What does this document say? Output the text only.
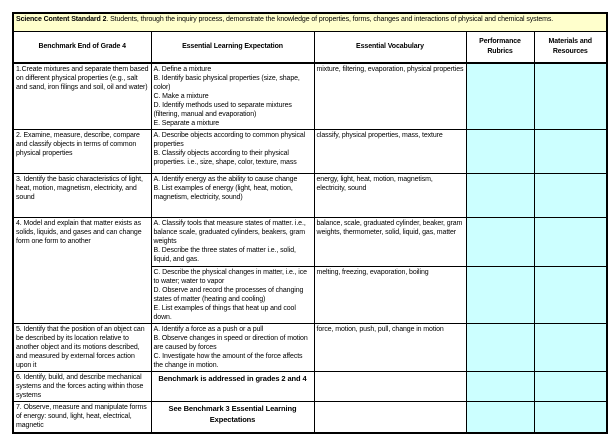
Science Content Standard 2. Students, through the inquiry process, demonstrate the knowledge of properties, forms, changes and interactions of physical and chemical systems.				
Benchmark End of Grade 4	Essential Learning Expectation	Essential Vocabulary	Performance Rubrics	Materials and Resources
1.Create mixtures and separate them based on different physical properties (e.g., salt and sand, iron filings and soil, oil and water)	A. Define a mixture
B. Identify basic physical properties (size, shape, color)
C. Make a mixture
D. Identify methods used to separate mixtures (filtering, manual and evaporation)
E. Separate a mixture	mixture, filtering, evaporation, physical properties		
2. Examine, measure, describe, compare and classify objects in terms of common physical properties	A. Describe objects according to common physical properties
B. Classify objects according to their physical properties. i.e., size, shape, color, texture, mass	classify, physical properties, mass, texture		
3. Identify the basic characteristics of light, heat, motion, magnetism, electricity, and sound	A. Identify energy as the ability to cause change
B. List examples of energy (light, heat, motion, magnetism, electricity, sound)	energy, light, heat, motion, magnetism, electricity, sound		
4. Model and explain that matter exists as solids, liquids, and gases and can change form one form to another	A. Classify tools that measure states of matter. i.e., balance scale, graduated cylinders, beakers, gram weights
B. Describe the three states of matter i.e., solid, liquid, and gas.	balance, scale, graduated cylinder, beaker, gram weights, thermometer, solid, liquid, gas, matter		

	C. Describe the physical changes in matter, i.e., ice to water; water to vapor
D. Observe and record the processes of changing states of matter (heating and cooling)
E. List examples of things that heat up and cool down.	melting, freezing, evaporation, boiling		
5. Identify that the position of an object can be described by its location relative to another object and its motions described, and measured by external forces action upon it	A. Identify a force as a push or a pull
B. Observe changes in speed or direction of motion are caused by forces
C. Investigate how the amount of the force affects the change in motion.	force, motion, push, pull, change in motion		
6. Identify, build, and describe mechanical systems and the forces acting within those systems	Benchmark is addressed in grades 2 and 4			
7. Observe, measure and manipulate forms of energy: sound, light, heat, electrical, magnetic	See Benchmark 3 Essential Learning Expectations			
